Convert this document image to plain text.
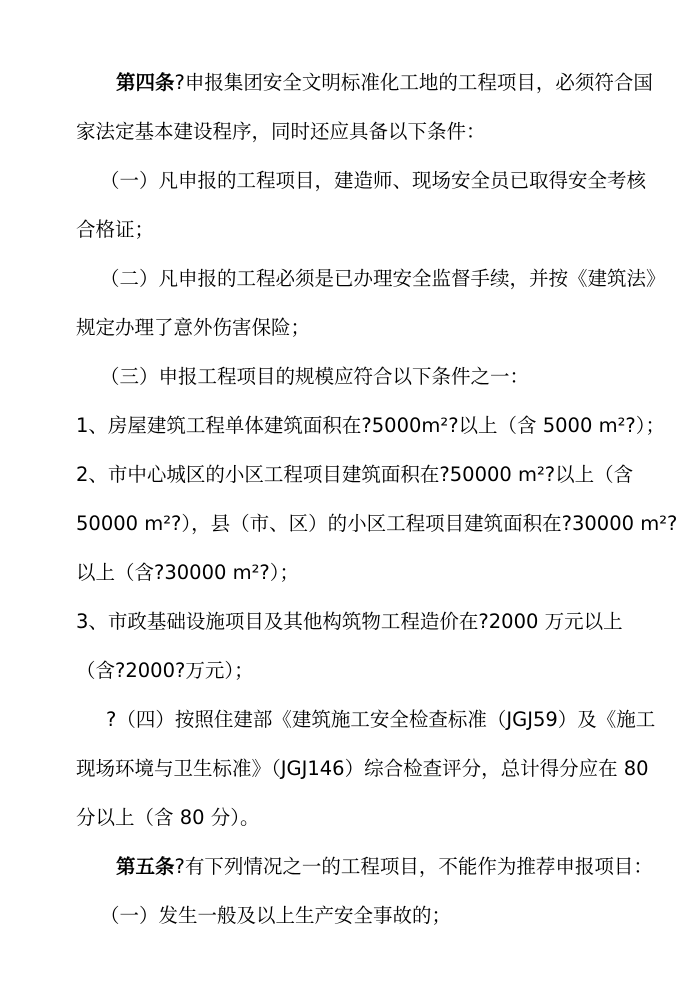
第四条?申报集团安全文明标准化工地的工程项目，必须符合国
家法定基本建设程序，同时还应具备以下条件：
（一）凡申报的工程项目，建造师、现场安全员已取得安全考核
合格证；
（二）凡申报的工程必须是已办理安全监督手续，并按《建筑法》
规定办理了意外伤害保险；
（三）申报工程项目的规模应符合以下条件之一：
1、房屋建筑工程单体建筑面积在?5000m²?以上（含 5000 m²?）；
2、市中心城区的小区工程项目建筑面积在?50000 m²?以上（含
50000 m²?），县（市、区）的小区工程项目建筑面积在?30000 m²?
以上（含?30000 m²?）；
3、市政基础设施项目及其他构筑物工程造价在?2000 万元以上
（含?2000?万元）；
?（四）按照住建部《建筑施工安全检查标准（JGJ59）及《施工
现场环境与卫生标准》（JGJ146）综合检查评分，总计得分应在 80
分以上（含 80 分）。
第五条?有下列情况之一的工程项目，不能作为推荐申报项目：
（一）发生一般及以上生产安全事故的；
